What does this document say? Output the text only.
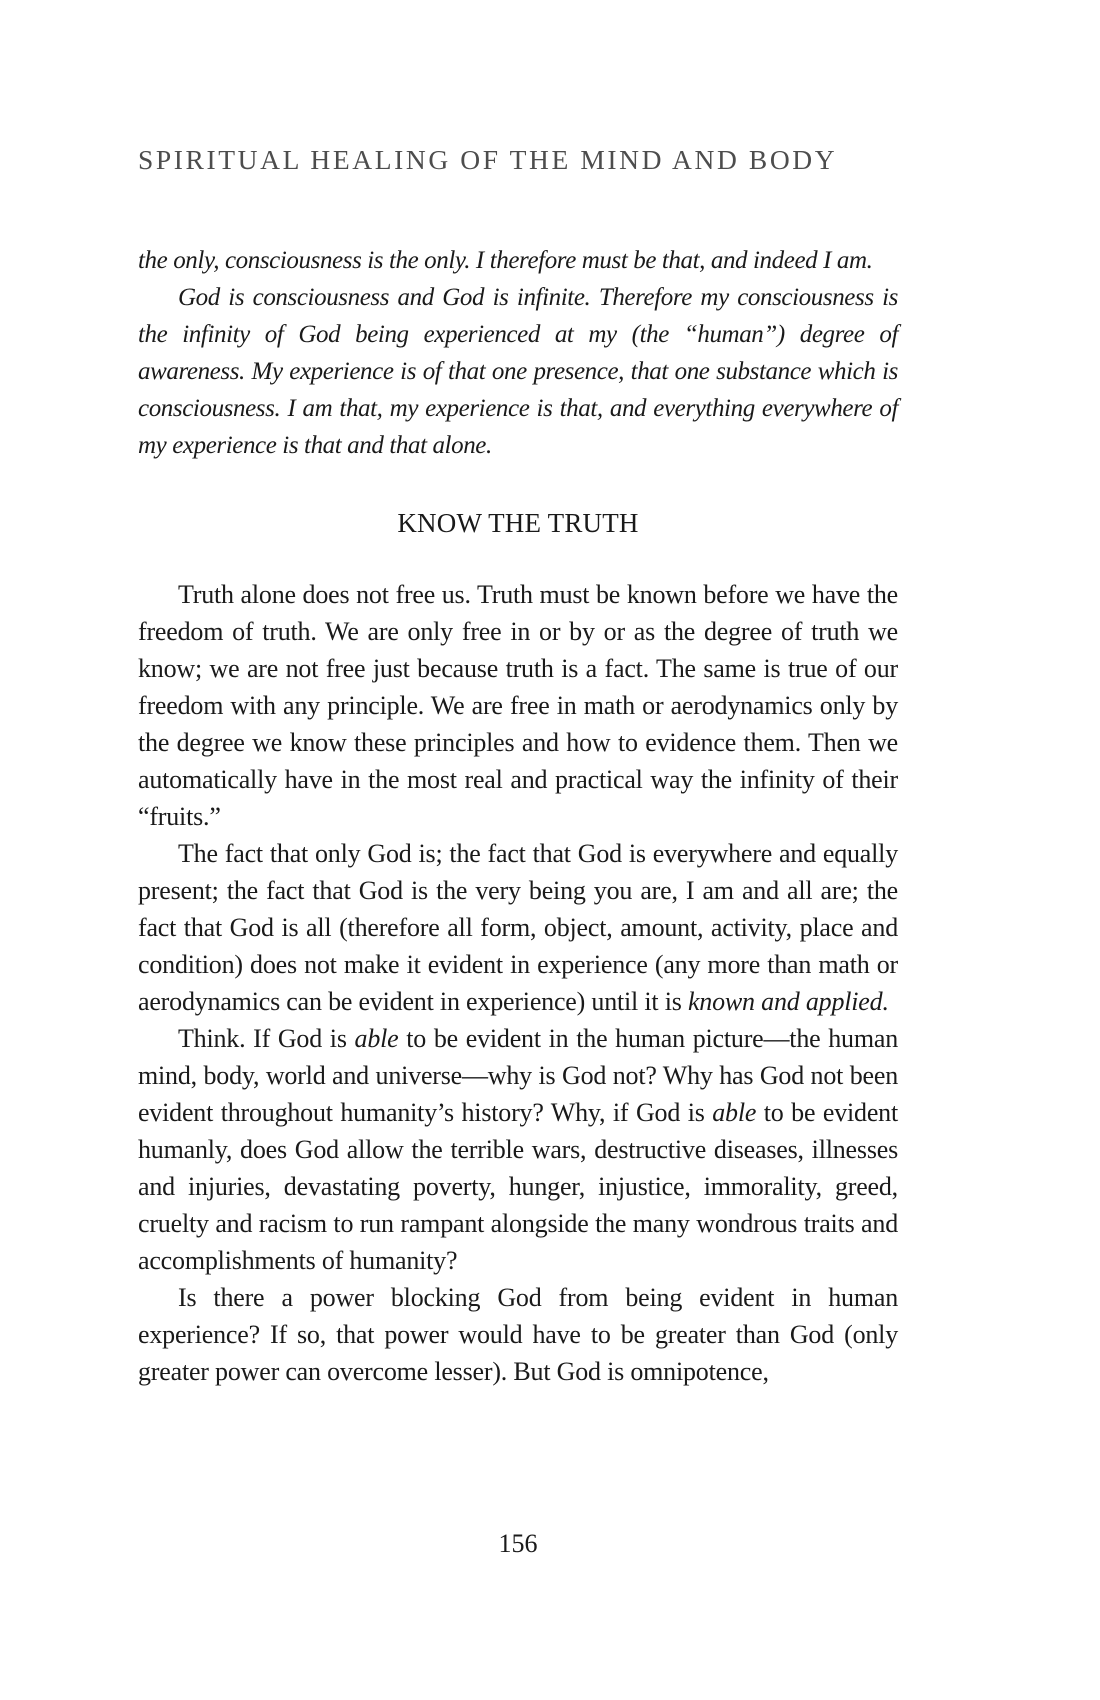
SPIRITUAL HEALING OF THE MIND AND BODY

the only, consciousness is the only. I therefore must be that, and indeed I am.

God is consciousness and God is infinite. Therefore my consciousness is the infinity of God being experienced at my (the “human”) degree of awareness. My experience is of that one presence, that one substance which is consciousness. I am that, my experience is that, and everything everywhere of my experience is that and that alone.

KNOW THE TRUTH

Truth alone does not free us. Truth must be known before we have the freedom of truth. We are only free in or by or as the degree of truth we know; we are not free just because truth is a fact. The same is true of our freedom with any principle. We are free in math or aerodynamics only by the degree we know these principles and how to evidence them. Then we automatically have in the most real and practical way the infinity of their “fruits.”

The fact that only God is; the fact that God is everywhere and equally present; the fact that God is the very being you are, I am and all are; the fact that God is all (therefore all form, object, amount, activity, place and condition) does not make it evident in experience (any more than math or aerodynamics can be evident in experience) until it is known and applied.

Think. If God is able to be evident in the human picture—the human mind, body, world and universe—why is God not? Why has God not been evident throughout humanity’s history? Why, if God is able to be evident humanly, does God allow the terrible wars, destructive diseases, illnesses and injuries, devastating poverty, hunger, injustice, immorality, greed, cruelty and racism to run rampant alongside the many wondrous traits and accomplishments of humanity?

Is there a power blocking God from being evident in human experience? If so, that power would have to be greater than God (only greater power can overcome lesser). But God is omnipotence,

156
